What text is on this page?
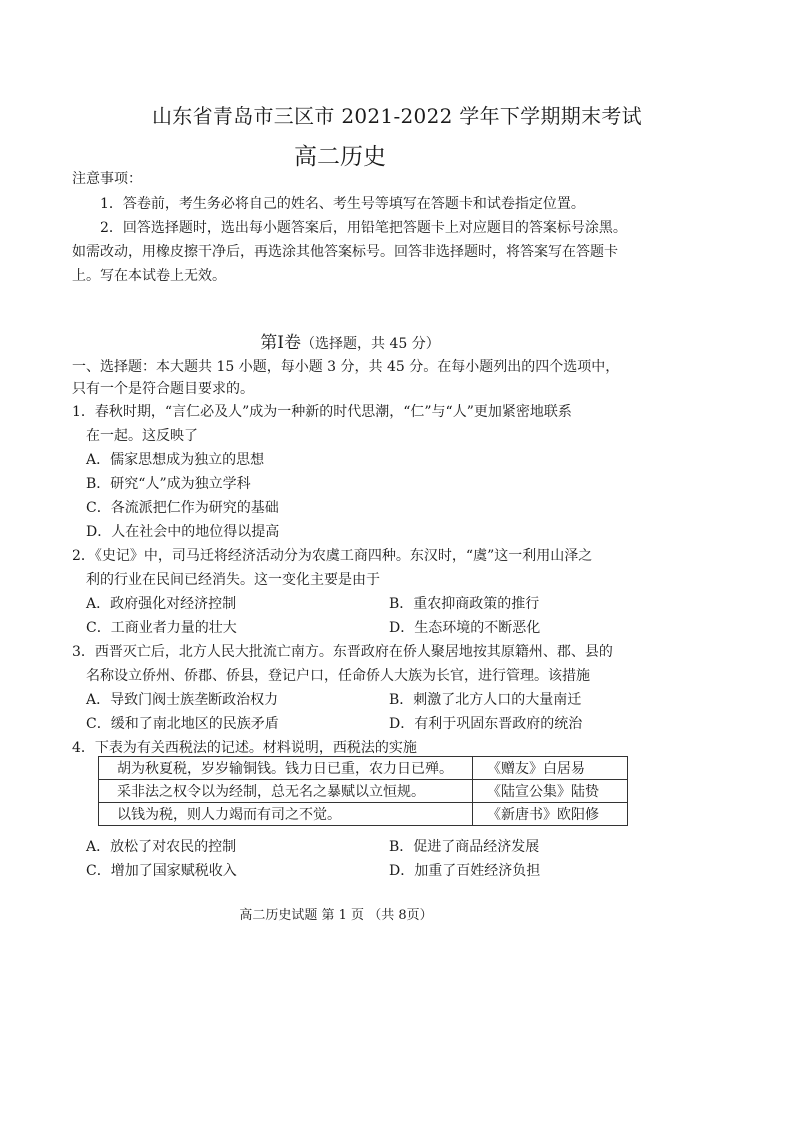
山东省青岛市三区市 2021-2022 学年下学期期末考试
高二历史
注意事项：
1．答卷前，考生务必将自己的姓名、考生号等填写在答题卡和试卷指定位置。
2．回答选择题时，选出每小题答案后，用铅笔把答题卡上对应题目的答案标号涂黑。
如需改动，用橡皮擦干净后，再选涂其他答案标号。回答非选择题时，将答案写在答题卡
上。写在本试卷上无效。
第Ⅰ卷（选择题，共 45 分）
一、选择题：本大题共 15 小题，每小题 3 分，共 45 分。在每小题列出的四个选项中，
只有一个是符合题目要求的。
1．春秋时期，“言仁必及人”成为一种新的时代思潮，“仁”与“人”更加紧密地联系
在一起。这反映了
A．儒家思想成为独立的思想
B．研究“人”成为独立学科
C．各流派把仁作为研究的基础
D．人在社会中的地位得以提高
2．《史记》中，司马迁将经济活动分为农虞工商四种。东汉时，“虞”这一利用山泽之
利的行业在民间已经消失。这一变化主要是由于
A．政府强化对经济控制	B．重农抑商政策的推行
C．工商业者力量的壮大	D．生态环境的不断恶化
3．西晋灭亡后，北方人民大批流亡南方。东晋政府在侨人聚居地按其原籍州、郡、县的
名称设立侨州、侨郡、侨县，登记户口，任命侨人大族为长官，进行管理。该措施
A．导致门阀士族垄断政治权力	B．刺激了北方人口的大量南迁
C．缓和了南北地区的民族矛盾	D．有利于巩固东晋政府的统治
4．下表为有关西税法的记述。材料说明，西税法的实施
胡为秋夏税，岁岁输铜钱。钱力日已重，农力日已殚。	《赠友》白居易
采非法之权令以为经制，总无名之暴赋以立恒规。	《陆宣公集》陆贽
以钱为税，则人力竭而有司之不觉。	《新唐书》欧阳修
A．放松了对农民的控制	B．促进了商品经济发展
C．增加了国家赋税收入	D．加重了百姓经济负担
高二历史试题 第 1 页 （共 8页）
